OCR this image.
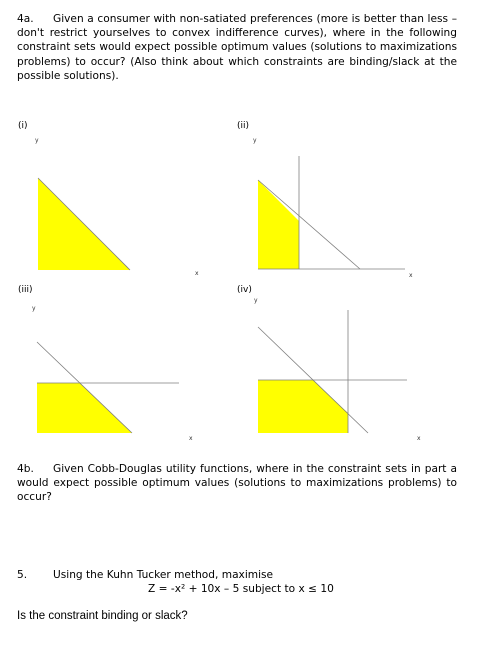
4a. Given a consumer with non-satiated preferences (more is better than less – don't restrict yourselves to convex indifference curves), where in the following constraint sets would expect possible optimum values (solutions to maximizations problems) to occur? (Also think about which constraints are binding/slack at the possible solutions).
(i)	(ii)
(iii)	(iv)
y
x
y
x
y
x
y
x
4b. Given Cobb-Douglas utility functions, where in the constraint sets in part a would expect possible optimum values (solutions to maximizations problems) to occur?
5. Using the Kuhn Tucker method, maximise
Z = -x² + 10x – 5 subject to x ≤ 10
Is the constraint binding or slack?
